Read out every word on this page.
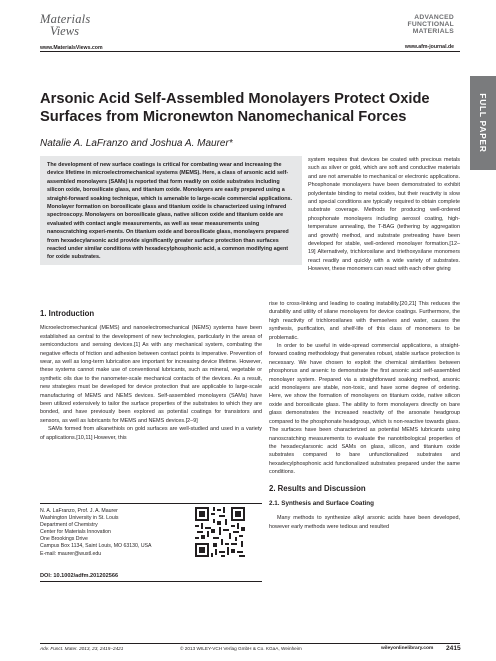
Materials
Views
www.MaterialsViews.com
ADVANCED
FUNCTIONAL
MATERIALS
www.afm-journal.de
FULL PAPER
Arsonic Acid Self-Assembled Monolayers Protect Oxide
Surfaces from Micronewton Nanomechanical Forces
Natalie A. LaFranzo and Joshua A. Maurer*

The development of new surface coatings is critical for combating wear and increasing the device lifetime in microelectromechanical systems (MEMS). Here, a class of arsonic acid self-assembled monolayers (SAMs) is reported that form readily on oxide substrates including silicon oxide, borosilicate glass, and titanium oxide. Monolayers are easily prepared using a straight-forward soaking technique, which is amenable to large-scale commercial applications. Monolayer formation on borosilicate glass and titanium oxide is characterized using infrared spectroscopy. Monolayers on borosilicate glass, native silicon oxide and titanium oxide are evaluated with contact angle measurements, as well as wear measurements using nanoscratching experi-ments. On titanium oxide and borosilicate glass, monolayers prepared from hexadecylarsonic acid provide significantly greater surface protection than surfaces reacted under similar conditions with hexadecylphosphonic acid, a common modifying agent for oxide substrates.

system requires that devices be coated with precious metals such as silver or gold, which are soft and conductive materials and are not amenable to mechanical or electronic applications. Phosphonate monolayers have been demonstrated to exhibit polydentate binding to metal oxides, but their reactivity is slow and special conditions are typically required to obtain complete substrate coverage. Methods for producing well-ordered phosphonate monolayers including aerosol coating, high-temperature annealing, the T-BAG (tethering by aggregation and growth) method, and substrate pretreating have been developed for stable, well-ordered monolayer formation.[12–19] Alternatively, trichlorosilane and triethoxysilane monomers react readily and quickly with a wide variety of substrates. However, these monomers can react with each other giving

rise to cross-linking and leading to coating instability.[20,21] This reduces the durability and utility of silane monolayers for device coatings. Furthermore, the high reactivity of trichlorosilanes with themselves and water, causes the synthesis, purification, and shelf-life of this class of monomers to be problematic.

In order to be useful in wide-spread commercial applications, a straight-forward coating methodology that generates robust, stable surface protection is necessary. We have chosen to exploit the chemical similarities between phosphorus and arsenic to demonstrate the first arsonic acid self-assembled monolayer system. Prepared via a straightforward soaking method, arsonic acid monolayers are stable, non-toxic, and have some degree of ordering. Here, we show the formation of monolayers on titanium oxide, native silicon oxide and borosilicate glass. The ability to form monolayers directly on bare glass demonstrates the increased reactivity of the arsonate headgroup compared to the phosphonate headgroup, which is non-reactive towards glass. The surfaces have been characterized as potential MEMS lubricants using nanoscratching measurements to evaluate the nanotribological properties of the hexadecylarsonic acid SAMs on glass, silicon, and titanium oxide substrates compared to bare unfunctionalized substrates and hexadecylphosphonic acid functionalized substrates prepared under the same conditions.

2. Results and Discussion
2.1. Synthesis and Surface Coating

Many methods to synthesize alkyl arsonic acids have been developed, however early methods were tedious and resulted

1. Introduction

Microelectromechanical (MEMS) and nanoelectromechanical (NEMS) systems have been established as central to the development of new technologies, particularly in the areas of semiconductors and sensing devices.[1] As with any mechanical system, combating the negative effects of friction and adhesion between contact points is imperative. Prevention of wear, as well as long-term lubrication are important for increasing device lifetime. However, these systems cannot make use of conventional lubricants, such as mineral, vegetable or synthetic oils due to the nanometer-scale mechanical contacts of the devices. As a result, new strategies must be developed for device protection that are applicable to large-scale manufacturing of MEMS and NEMS devices. Self-assembled monolayers (SAMs) have been utilized extensively to tailor the surface properties of the substrates to which they are bonded, and have previously been explored as potential coatings for transistors and sensors, as well as lubricants for MEMS and NEMS devices.[2–9]

SAMs formed from alkanethiols on gold surfaces are well-studied and used in a variety of applications.[10,11] However, this

N. A. LaFranzo, Prof. J. A. Maurer
Washington University in St. Louis
Department of Chemistry
Center for Materials Innovation
One Brookings Drive
Campus Box 1134, Saint Louis, MO 63130, USA
E-mail: maurer@wustl.edu
DOI: 10.1002/adfm.201202566
Adv. Funct. Mater. 2013, 23, 2415–2421	© 2013 WILEY-VCH Verlag GmbH & Co. KGaA, Weinheim	wileyonlinelibrary.com 2415
